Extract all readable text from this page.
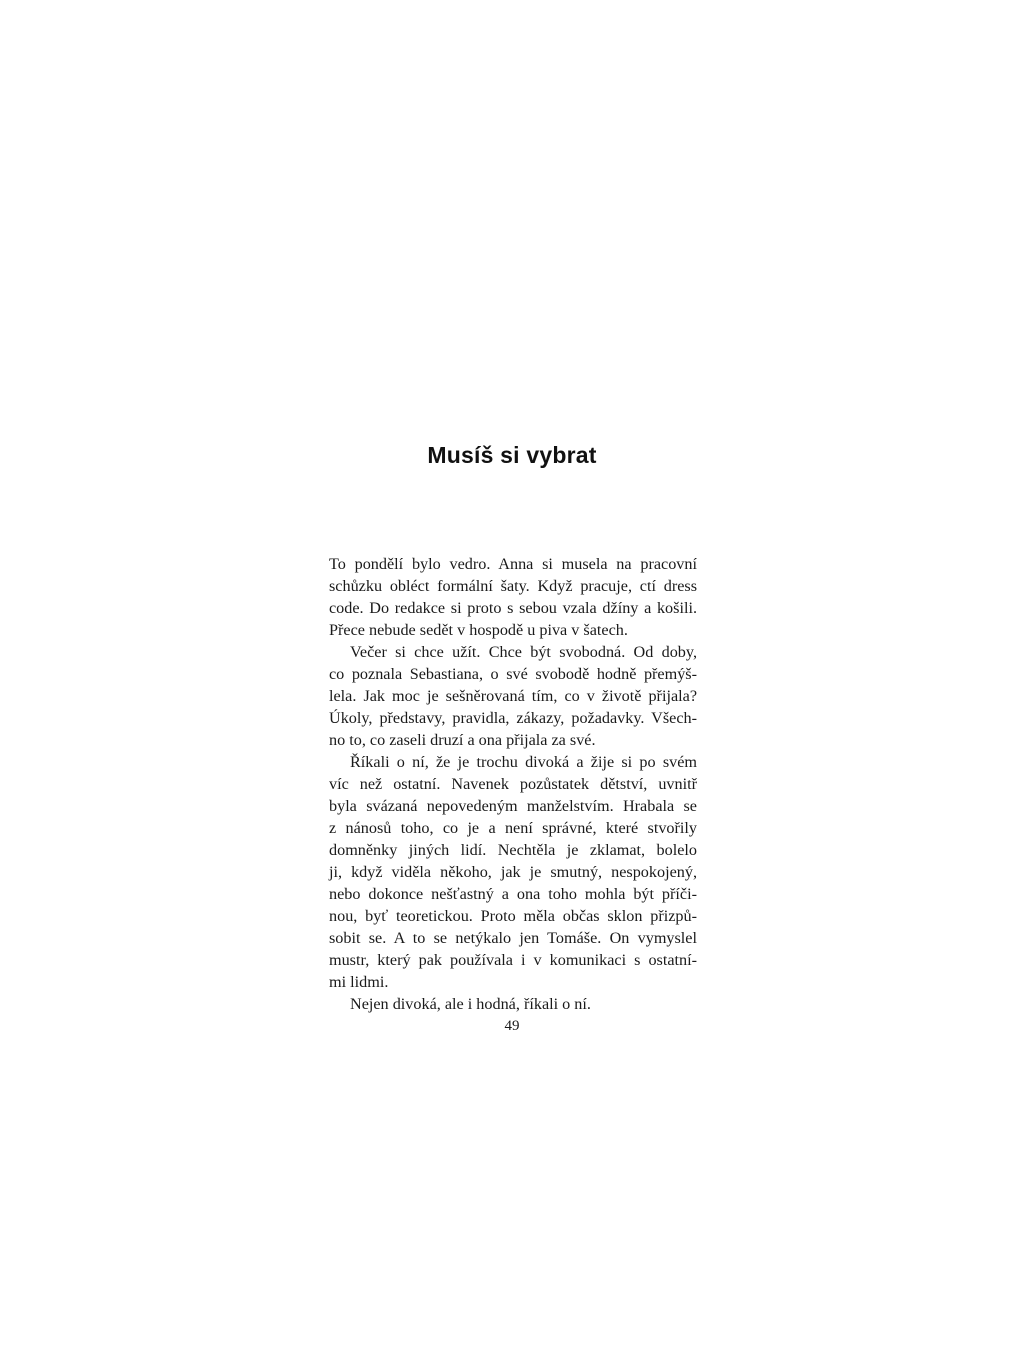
Musíš si vybrat
To pondělí bylo vedro. Anna si musela na pracovní
schůzku obléct formální šaty. Když pracuje, ctí dress
code. Do redakce si proto s sebou vzala džíny a košili.
Přece nebude sedět v hospodě u piva v šatech.
Večer si chce užít. Chce být svobodná. Od doby,
co poznala Sebastiana, o své svobodě hodně přemýš-
lela. Jak moc je sešněrovaná tím, co v životě přijala?
Úkoly, představy, pravidla, zákazy, požadavky. Všech-
no to, co zaseli druzí a ona přijala za své.
Říkali o ní, že je trochu divoká a žije si po svém
víc než ostatní. Navenek pozůstatek dětství, uvnitř
byla svázaná nepovedeným manželstvím. Hrabala se
z nánosů toho, co je a není správné, které stvořily
domněnky jiných lidí. Nechtěla je zklamat, bolelo
ji, když viděla někoho, jak je smutný, nespokojený,
nebo dokonce nešťastný a ona toho mohla být příči-
nou, byť teoretickou. Proto měla občas sklon přizpů-
sobit se. A to se netýkalo jen Tomáše. On vymyslel
mustr, který pak používala i v komunikaci s ostatní-
mi lidmi.
Nejen divoká, ale i hodná, říkali o ní.
49
